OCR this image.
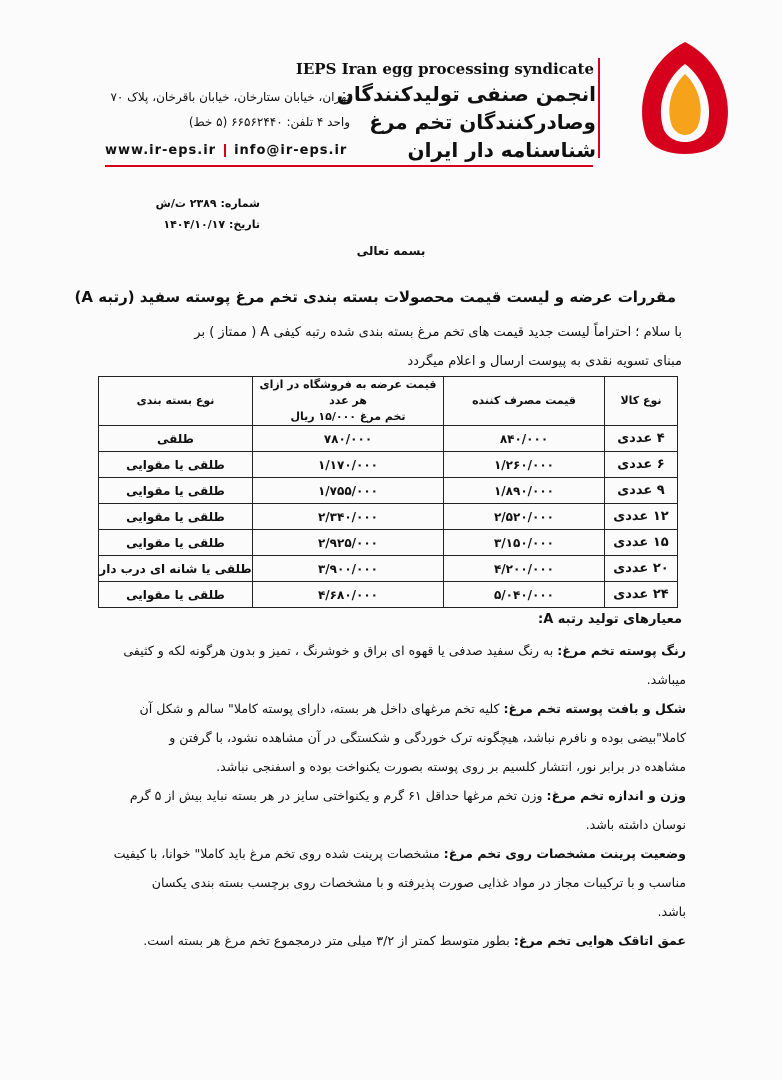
IEPS Iran egg processing syndicate
انجمن صنفی تولیدکنندگان
وصادرکنندگان تخم مرغ
شناسنامه دار ایران
تهران، خیابان ستارخان، خیابان باقرخان، پلاک ۷۰
واحد ۴ تلفن: ۶۶۵۶۲۴۴۰ (۵ خط)
www.ir-eps.ir info@ir-eps.ir
شماره: ۲۳۸۹ ت/ش
تاریخ: ۱۴۰۴/۱۰/۱۷
بسمه تعالی
مقررات عرضه و لیست قیمت محصولات بسته بندی تخم مرغ پوسته سفید (رتبه A)
با سلام ؛ احتراماً لیست جدید قیمت های تخم مرغ بسته بندی شده رتبه کیفی A ( ممتاز ) بر
مبنای تسویه نقدی به پیوست ارسال و اعلام میگردد
نوع کالا	قیمت مصرف کننده	قیمت عرضه به فروشگاه در ازای هر عدد
تخم مرغ ۱۵/۰۰۰ ریال	نوع بسته بندی
۴ عددی	۸۴۰/۰۰۰	۷۸۰/۰۰۰	طلقی
۶ عددی	۱/۲۶۰/۰۰۰	۱/۱۷۰/۰۰۰	طلقی یا مقوایی
۹ عددی	۱/۸۹۰/۰۰۰	۱/۷۵۵/۰۰۰	طلقی یا مقوایی
۱۲ عددی	۲/۵۲۰/۰۰۰	۲/۳۴۰/۰۰۰	طلقی یا مقوایی
۱۵ عددی	۳/۱۵۰/۰۰۰	۲/۹۲۵/۰۰۰	طلقی یا مقوایی
۲۰ عددی	۴/۲۰۰/۰۰۰	۳/۹۰۰/۰۰۰	طلقی یا شانه ای درب دار
۲۴ عددی	۵/۰۴۰/۰۰۰	۴/۶۸۰/۰۰۰	طلقی یا مقوایی
معیارهای تولید رتبه A:
رنگ پوسته تخم مرغ: به رنگ سفید صدفی یا قهوه ای براق و خوشرنگ ، تمیز و بدون هرگونه لکه و کثیفی
میباشد.
شکل و بافت پوسته تخم مرغ: کلیه تخم مرغهای داخل هر بسته، دارای پوسته کاملا" سالم و شکل آن
کاملا"بیضی بوده و نافرم نباشد، هیچگونه ترک خوردگی و شکستگی در آن مشاهده نشود، با گرفتن و
مشاهده در برابر نور، انتشار کلسیم بر روی پوسته بصورت یکنواخت بوده و اسفنجی نباشد.
وزن و اندازه تخم مرغ: وزن تخم مرغها حداقل ۶۱ گرم و یکنواختی سایز در هر بسته نباید بیش از ۵ گرم
نوسان داشته باشد.
وضعیت پرینت مشخصات روی تخم مرغ: مشخصات پرینت شده روی تخم مرغ باید کاملا" خوانا، با کیفیت
مناسب و با ترکیبات مجاز در مواد غذایی صورت پذیرفته و با مشخصات روی برچسب بسته بندی یکسان
باشد.
عمق اتاقک هوایی تخم مرغ: بطور متوسط کمتر از ۳/۲ میلی متر درمجموع تخم مرغ هر بسته است.
